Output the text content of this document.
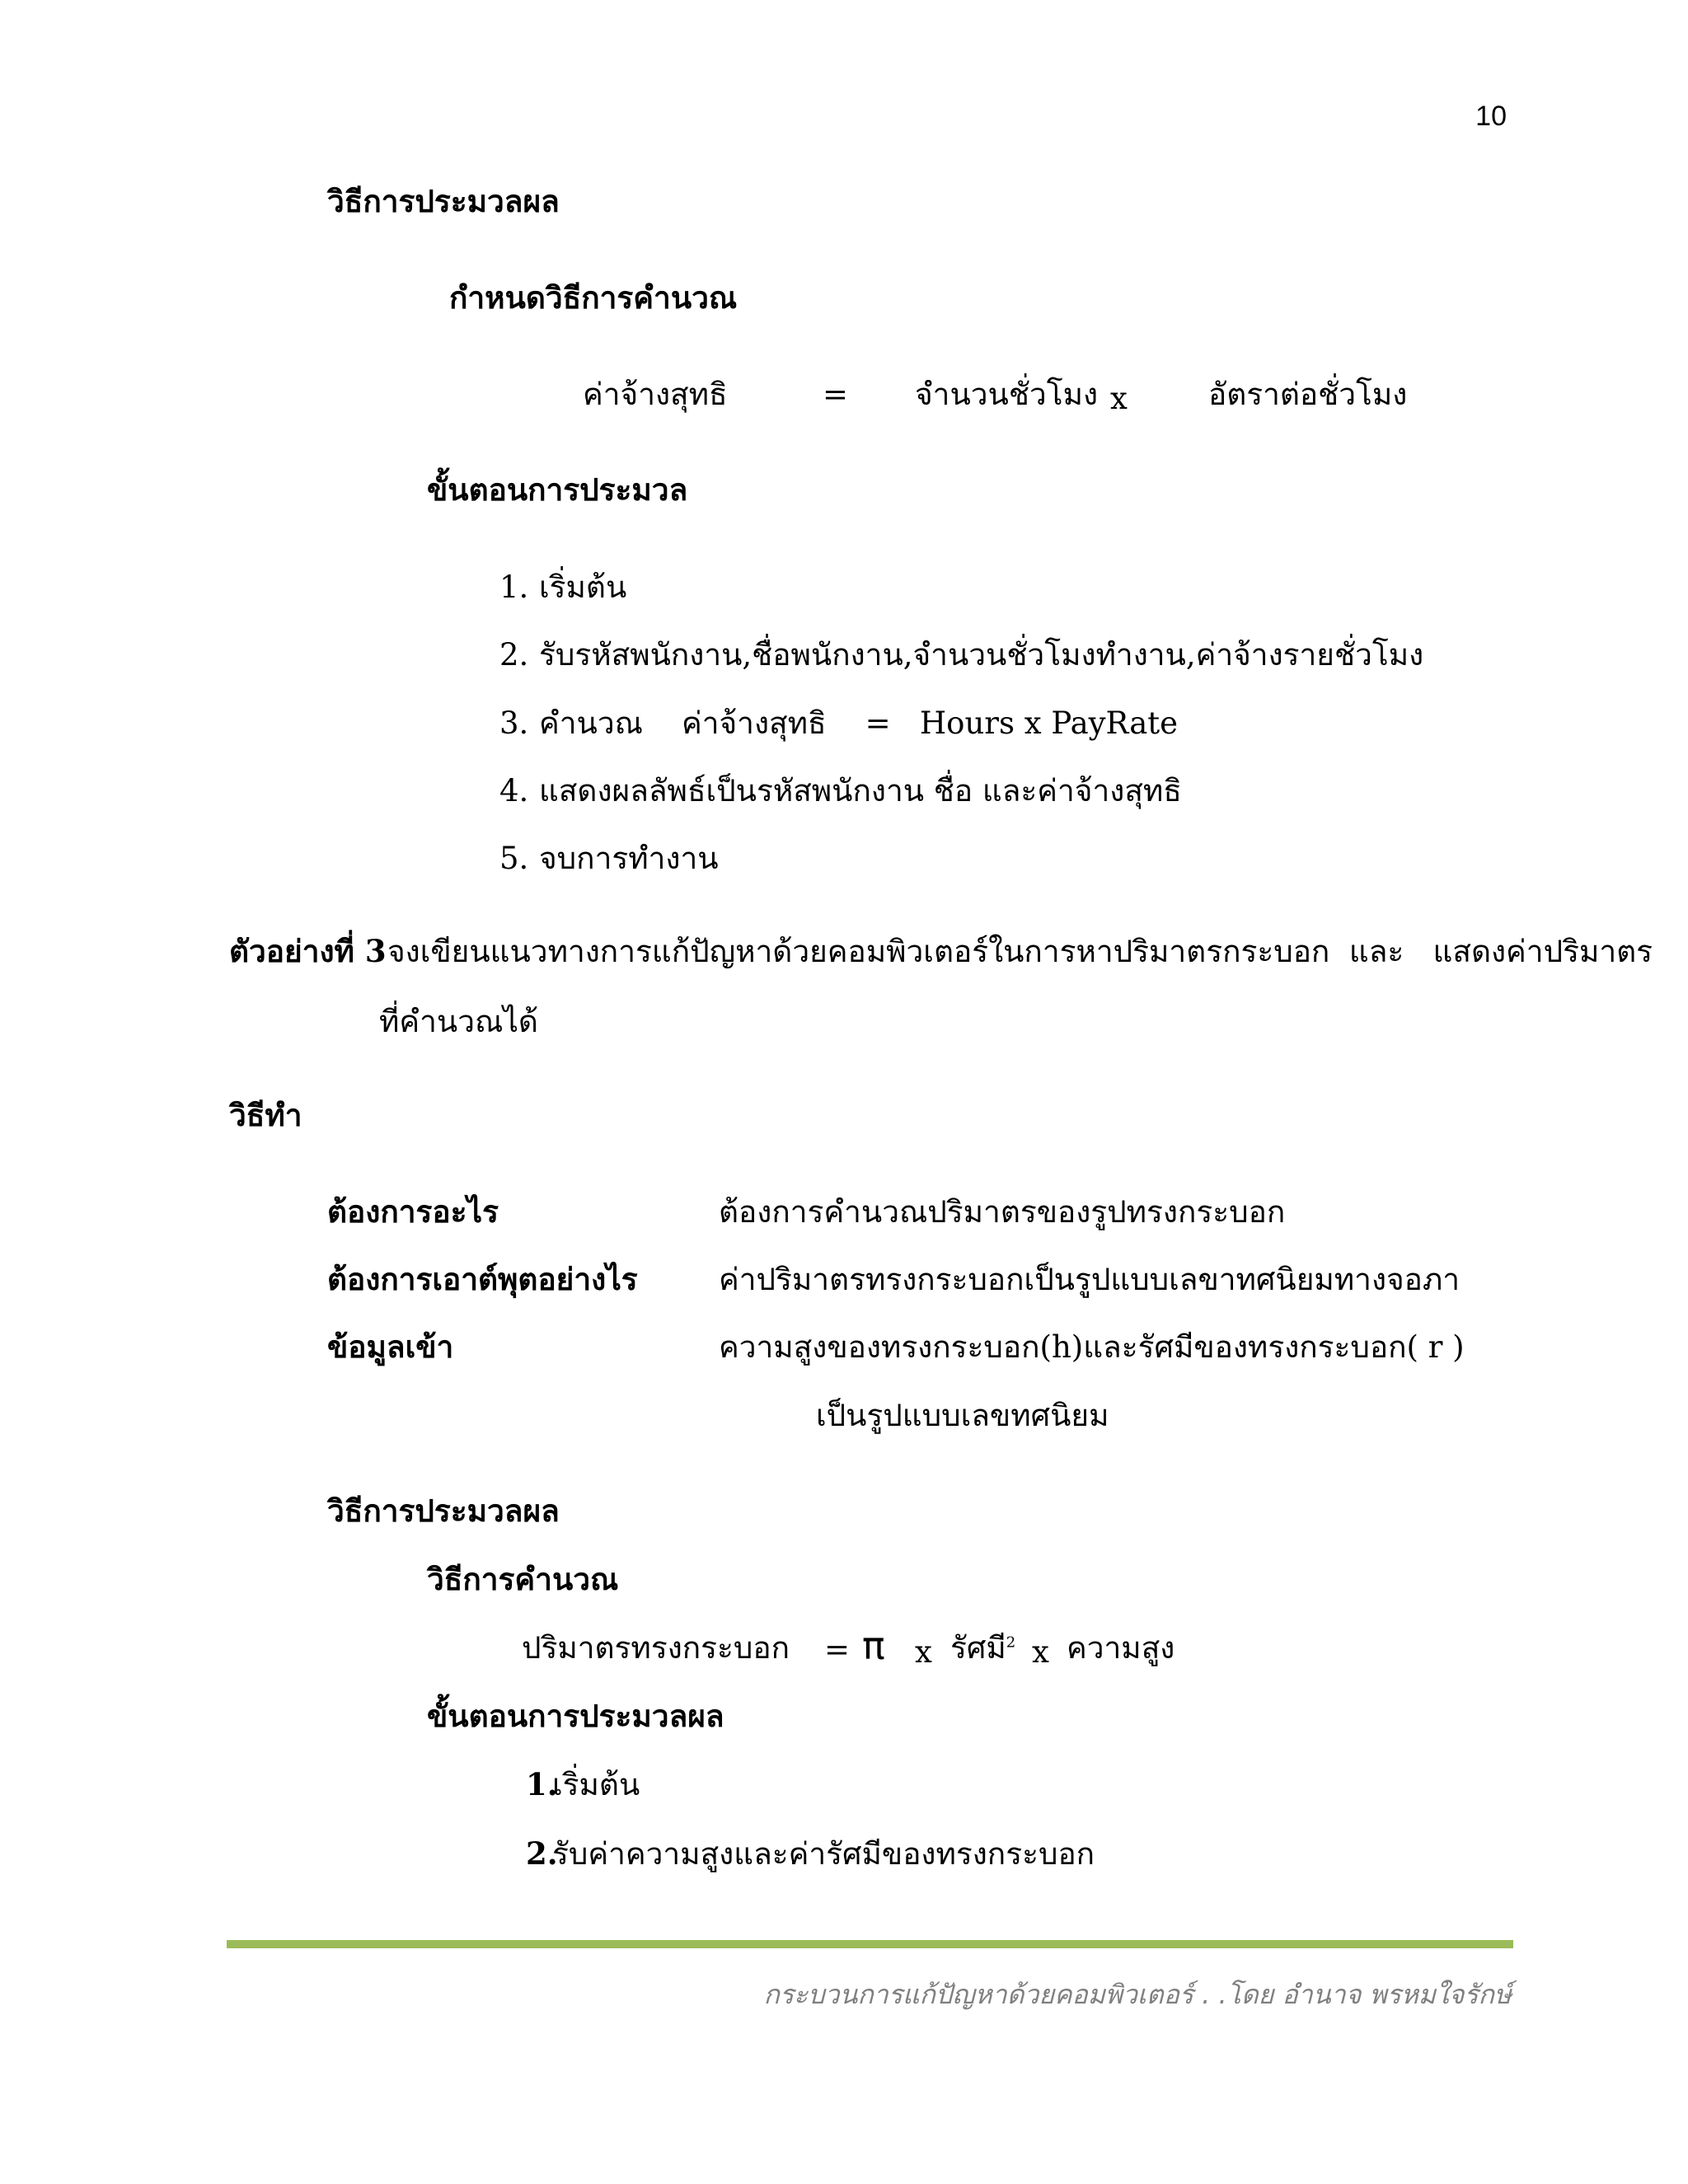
10
วิธีการประมวลผล
กำหนดวิธีการคำนวณ
ค่าจ้างสุทธิ	= จำนวนชั่วโมง x	อัตราต่อชั่วโมง
ขั้นตอนการประมวล
1. เริ่มต้น
2. รับรหัสพนักงาน,ชื่อพนักงาน,จำนวนชั่วโมงทำงาน,ค่าจ้างรายชั่วโมง
3. คำนวณ    ค่าจ้างสุทธิ    =   Hours x PayRate
4. แสดงผลลัพธ์เป็นรหัสพนักงาน ชื่อ และค่าจ้างสุทธิ
5. จบการทำงาน
ตัวอย่างที่ 3 จงเขียนแนวทางการแก้ปัญหาด้วยคอมพิวเตอร์ในการหาปริมาตรกระบอก  และ   แสดงค่าปริมาตร
ที่คำนวณได้
วิธีทำ
ต้องการอะไร	ต้องการคำนวณปริมาตรของรูปทรงกระบอก
ต้องการเอาต์พุตอย่างไร	ค่าปริมาตรทรงกระบอกเป็นรูปแบบเลขาทศนิยมทางจอภา
ข้อมูลเข้า	ความสูงของทรงกระบอก(h)และรัศมีของทรงกระบอก( r )
เป็นรูปแบบเลขทศนิยม
วิธีการประมวลผล
วิธีการคำนวณ
ปริมาตรทรงกระบอก = π x รัศมี$^2$ x ความสูง
ขั้นตอนการประมวลผล
1.
เริ่มต้น
2.
รับค่าความสูงและค่ารัศมีของทรงกระบอก
กระบวนการแก้ปัญหาด้วยคอมพิวเตอร์ . .โดย อำนาจ พรหมใจรักษ์
